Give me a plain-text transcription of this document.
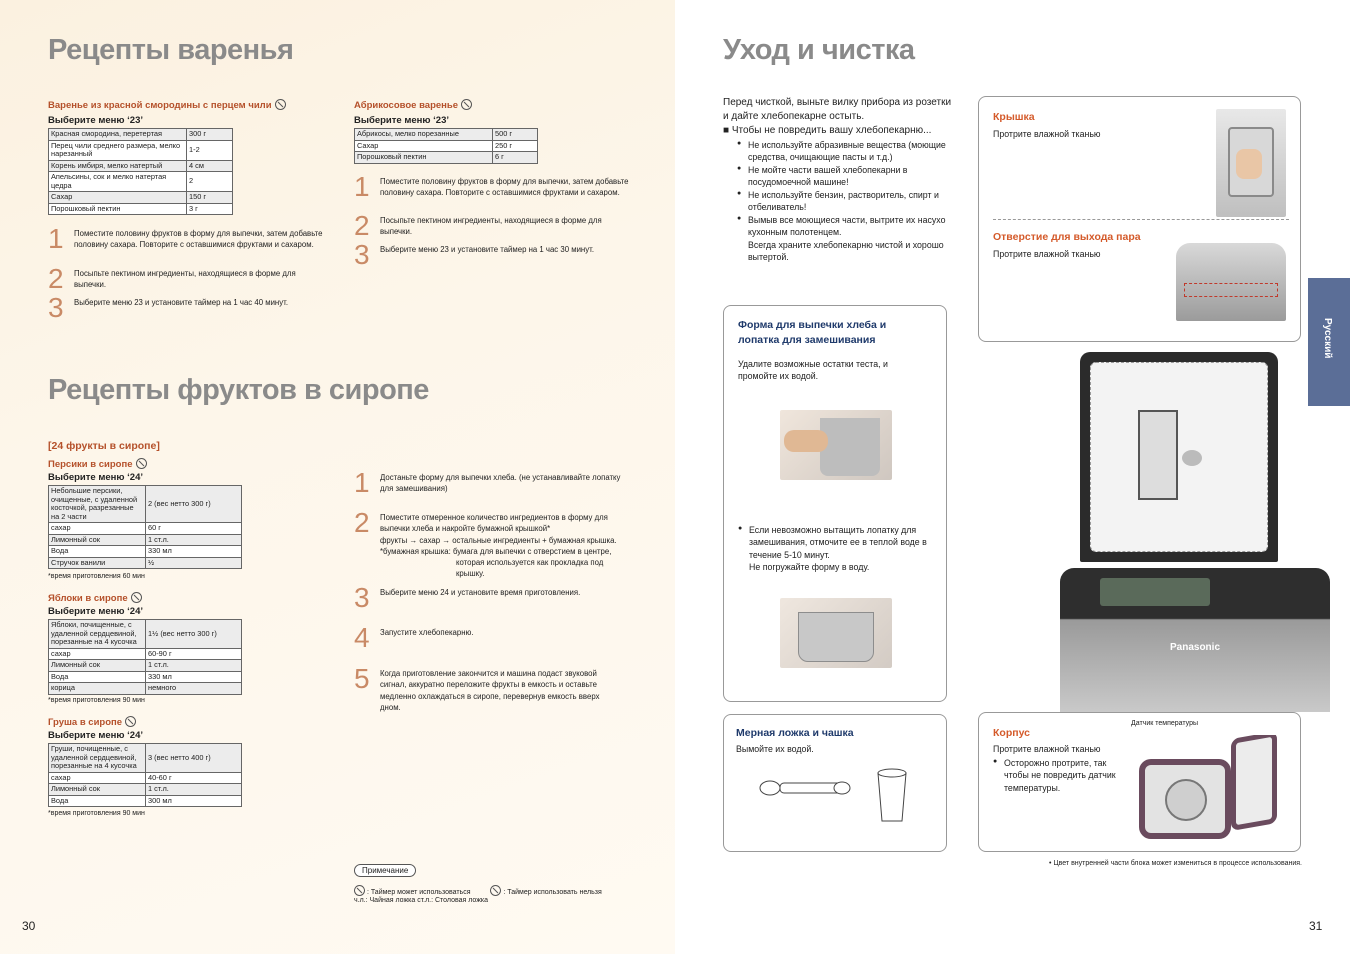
Рецепты варенья
Варенье из красной смородины с перцем чили
Выберите меню ‘23’
Красная смородина, перетертая	300 г
Перец чили среднего размера, мелко нарезанный	1-2
Корень имбиря, мелко натертый	4 см
Апельсины, сок и мелко натертая цедра	2
Сахар	150 г
Порошковый пектин	3 г
1 Поместите половину фруктов в форму для выпечки, затем добавьте половину сахара. Повторите с оставшимися фруктами и сахаром.
2 Посыпьте пектином ингредиенты, находящиеся в форме для выпечки.
3 Выберите меню 23 и установите таймер на 1 час 40 минут.
Абрикосовое варенье
Выберите меню ‘23’
Абрикосы, мелко порезанные	500 г
Сахар	250 г
Порошковый пектин	6 г
1 Поместите половину фруктов в форму для выпечки, затем добавьте половину сахара. Повторите с оставшимися фруктами и сахаром.
2 Посыпьте пектином ингредиенты, находящиеся в форме для выпечки.
3 Выберите меню 23 и установите таймер на 1 час 30 минут.
Рецепты фруктов в сиропе
[24 фрукты в сиропе]
Персики в сиропе
Выберите меню ‘24’
Небольшие персики, очищенные, с удаленной косточкой, разрезанные на 2 части	2 (вес нетто 300 г)
сахар	60 г
Лимонный сок	1 ст.л.
Вода	330 мл
Стручок ванили	½
*время приготовления 60 мин
Яблоки в сиропе
Выберите меню ‘24’
Яблоки, почищенные, с удаленной сердцевиной, порезанные на 4 кусочка	1½ (вес нетто 300 г)
сахар	60-90 г
Лимонный сок	1 ст.л.
Вода	330 мл
корица	немного
*время приготовления 90 мин
Груша в сиропе
Выберите меню ‘24’
Груши, почищенные, с удаленной сердцевиной, порезанные на 4 кусочка	3 (вес нетто 400 г)
сахар	40-60 г
Лимонный сок	1 ст.л.
Вода	300 мл
*время приготовления 90 мин
1 Достаньте форму для выпечки хлеба. (не устанавливайте лопатку для замешивания)
2 Поместите отмеренное количество ингредиентов в форму для выпечки хлеба и накройте бумажной крышкой*
фрукты → сахар → остальные ингредиенты + бумажная крышка.
*бумажная крышка: бумага для выпечки с отверстием в центре,
которая используется как прокладка под
крышку.
3 Выберите меню 24 и установите время приготовления.
4 Запустите хлебопекарню.
5 Когда приготовление закончится и машина подаст звуковой сигнал, аккуратно переложите фрукты в емкость и оставьте медленно охлаждаться в сиропе, перевернув емкость вверх дном.
Примечание
: Таймер может использоваться	: Таймер использовать нельзя
ч.л.: Чайная ложка ст.л.: Столовая ложка
30
Уход и чистка
Перед чисткой, выньте вилку прибора из розетки
и дайте хлебопекарне остыть.
■ Чтобы не повредить вашу хлебопекарню...
● Не используйте абразивные вещества (моющие средства, очищающие пасты и т.д.)
● Не мойте части вашей хлебопекарни в посудомоечной машине!
● Не используйте бензин, растворитель, спирт и отбеливатель!
● Вымыв все моющиеся части, вытрите их насухо кухонным полотенцем.
Всегда храните хлебопекарню чистой и хорошо вытертой.
Крышка
Протрите влажной тканью
Отверстие для выхода пара
Протрите влажной тканью
Panasonic
Форма для выпечки хлеба и
лопатка для замешивания
Удалите возможные остатки теста, и промойте их водой.
● Если невозможно вытащить лопатку для замешивания, отмочите ее в теплой воде в течение 5-10 минут.
Не погружайте форму в воду.
Мерная ложка и чашка
Вымойте их водой.
Корпус
Протрите влажной тканью
● Осторожно протрите, так чтобы не повредить датчик температуры.
Датчик температуры
• Цвет внутренней части блока может измениться в процессе использования.
31
Русский
